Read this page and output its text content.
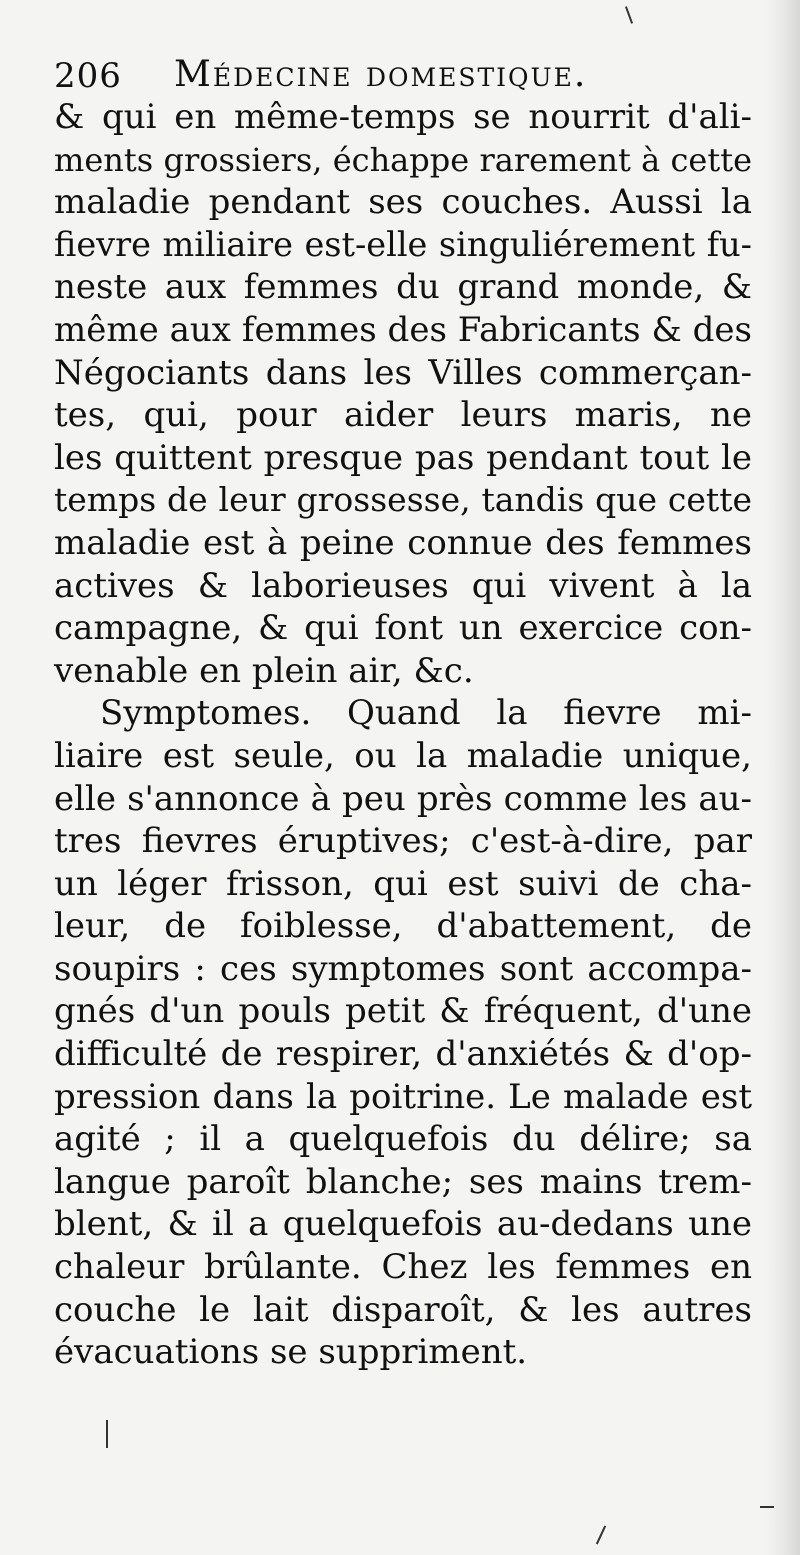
206 Médecine domestique.
& qui en même-temps se nourrit d'ali-
ments grossiers, échappe rarement à cette
maladie pendant ses couches. Aussi la
fievre miliaire est-elle singuliérement fu-
neste aux femmes du grand monde, &
même aux femmes des Fabricants & des
Négociants dans les Villes commerçan-
tes, qui, pour aider leurs maris, ne
les quittent presque pas pendant tout le
temps de leur grossesse, tandis que cette
maladie est à peine connue des femmes
actives & laborieuses qui vivent à la
campagne, & qui font un exercice con-
venable en plein air, &c.
Symptomes. Quand la fievre mi-
liaire est seule, ou la maladie unique,
elle s'annonce à peu près comme les au-
tres fievres éruptives; c'est-à-dire, par
un léger frisson, qui est suivi de cha-
leur, de foiblesse, d'abattement, de
soupirs : ces symptomes sont accompa-
gnés d'un pouls petit & fréquent, d'une
difficulté de respirer, d'anxiétés & d'op-
pression dans la poitrine. Le malade est
agité ; il a quelquefois du délire; sa
langue paroît blanche; ses mains trem-
blent, & il a quelquefois au-dedans une
chaleur brûlante. Chez les femmes en
couche le lait disparoît, & les autres
évacuations se suppriment.
